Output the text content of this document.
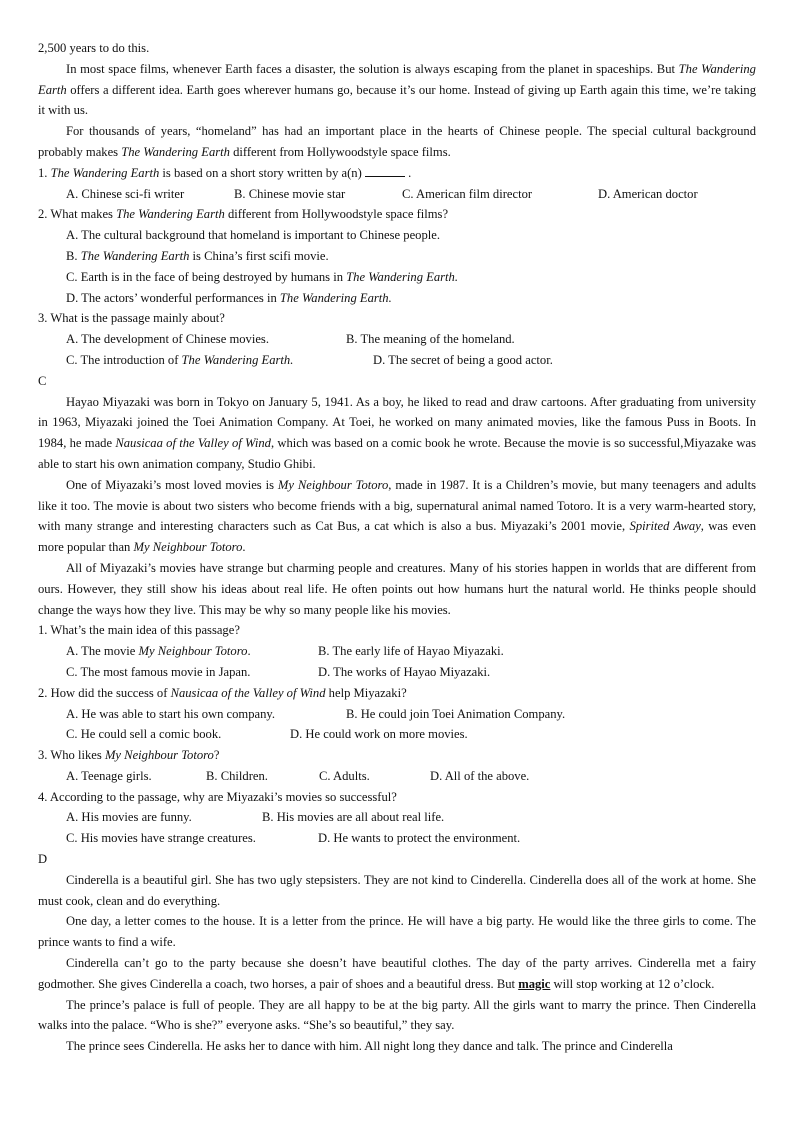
2,500 years to do this.

In most space films, whenever Earth faces a disaster, the solution is always escaping from the planet in spaceships. But The Wandering Earth offers a different idea. Earth goes wherever humans go, because it’s our home. Instead of giving up Earth again this time, we’re taking it with us.

For thousands of years, “homeland” has had an important place in the hearts of Chinese people. The special cultural background probably makes The Wandering Earth different from Hollywoodstyle space films.

1. The Wandering Earth is based on a short story written by a(n)	.

A. Chinese sci-fi writer	B. Chinese movie star	C. American film director	D. American doctor

2. What makes The Wandering Earth different from Hollywoodstyle space films?

A. The cultural background that homeland is important to Chinese people.
B. The Wandering Earth is China’s first scifi movie.
C. Earth is in the face of being destroyed by humans in The Wandering Earth.
D. The actors’ wonderful performances in The Wandering Earth.

3. What is the passage mainly about?

A. The development of Chinese movies.	B. The meaning of the homeland.
C. The introduction of The Wandering Earth.	D. The secret of being a good actor.

C

Hayao Miyazaki was born in Tokyo on January 5, 1941. As a boy, he liked to read and draw cartoons. After graduating from university in 1963, Miyazaki joined the Toei Animation Company. At Toei, he worked on many animated movies, like the famous Puss in Boots. In 1984, he made Nausicaa of the Valley of Wind, which was based on a comic book he wrote. Because the movie is so successful,Miyazake was able to start his own animation company, Studio Ghibi.

One of Miyazaki’s most loved movies is My Neighbour Totoro, made in 1987. It is a Children’s movie, but many teenagers and adults like it too. The movie is about two sisters who become friends with a big, supernatural animal named Totoro. It is a very warm-hearted story, with many strange and interesting characters such as Cat Bus, a cat which is also a bus. Miyazaki’s 2001 movie, Spirited Away, was even more popular than My Neighbour Totoro.

All of Miyazaki’s movies have strange but charming people and creatures. Many of his stories happen in worlds that are different from ours. However, they still show his ideas about real life. He often points out how humans hurt the natural world. He thinks people should change the ways how they live. This may be why so many people like his movies.

1. What’s the main idea of this passage?

A. The movie My Neighbour Totoro.	B. The early life of Hayao Miyazaki.
C. The most famous movie in Japan.	D. The works of Hayao Miyazaki.

2. How did the success of Nausicaa of the Valley of Wind help Miyazaki?

A. He was able to start his own company.	B. He could join Toei Animation Company.
C. He could sell a comic book.	D. He could work on more movies.

3. Who likes My Neighbour Totoro?

A. Teenage girls.	B. Children.	C. Adults.	D. All of the above.

4. According to the passage, why are Miyazaki’s movies so successful?

A. His movies are funny.	B. His movies are all about real life.
C. His movies have strange creatures.	D. He wants to protect the environment.

D

Cinderella is a beautiful girl. She has two ugly stepsisters. They are not kind to Cinderella. Cinderella does all of the work at home. She must cook, clean and do everything.

One day, a letter comes to the house. It is a letter from the prince. He will have a big party. He would like the three girls to come. The prince wants to find a wife.

Cinderella can’t go to the party because she doesn’t have beautiful clothes. The day of the party arrives. Cinderella met a fairy godmother. She gives Cinderella a coach, two horses, a pair of shoes and a beautiful dress. But magic will stop working at 12 o’clock.

The prince’s palace is full of people. They are all happy to be at the big party. All the girls want to marry the prince. Then Cinderella walks into the palace. “Who is she?” everyone asks. “She’s so beautiful,” they say.

The prince sees Cinderella. He asks her to dance with him. All night long they dance and talk. The prince and Cinderella
